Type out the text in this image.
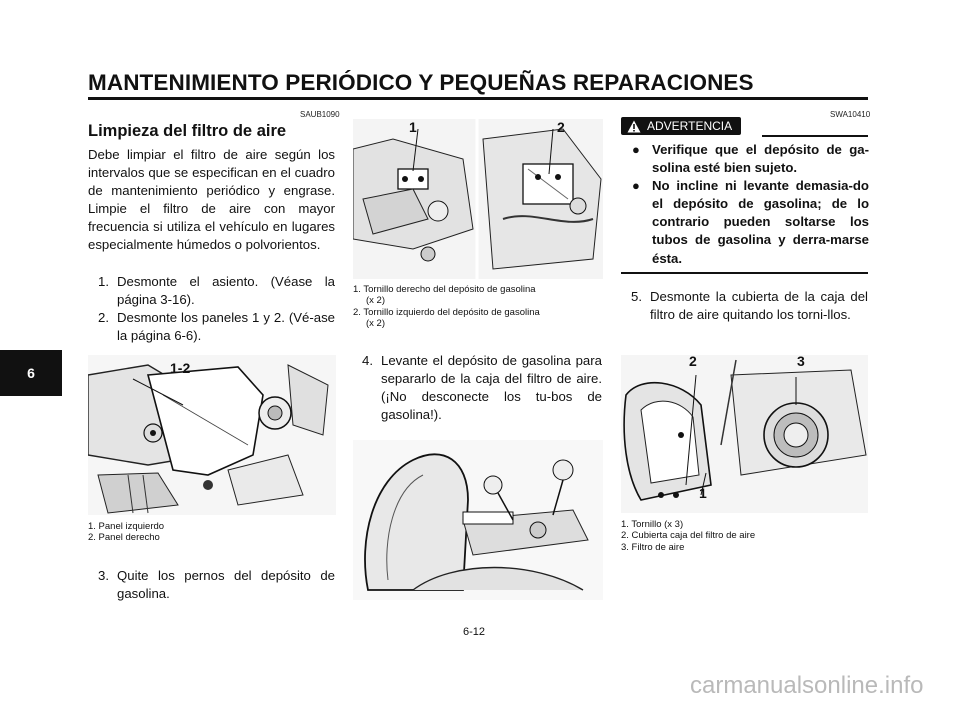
MANTENIMIENTO PERIÓDICO Y PEQUEÑAS REPARACIONES
6
SAUB1090
Limpieza del filtro de aire

Debe limpiar el filtro de aire según los intervalos que se especifican en el cuadro de mantenimiento periódico y engrase. Limpie el filtro de aire con mayor frecuencia si utiliza el vehículo en lugares especialmente húmedos o polvorientos.

1. Desmonte el asiento. (Véase la página 3-16).
2. Desmonte los paneles 1 y 2. (Vé-ase la página 6-6).
1-2
1. Panel izquierdo
2. Panel derecho
3. Quite los pernos del depósito de gasolina.
1	2
1. Tornillo derecho del depósito de gasolina
(x 2)
2. Tornillo izquierdo del depósito de gasolina
(x 2)
4. Levante el depósito de gasolina para separarlo de la caja del filtro de aire. (¡No desconecte los tu-bos de gasolina!).
SWA10410
ADVERTENCIA
● Verifique que el depósito de ga-solina esté bien sujeto.
● No incline ni levante demasia-do el depósito de gasolina; de lo contrario pueden soltarse los tubos de gasolina y derra-marse ésta.
5. Desmonte la cubierta de la caja del filtro de aire quitando los torni-llos.
2	3
1
1. Tornillo (x 3)
2. Cubierta caja del filtro de aire
3. Filtro de aire
6-12
carmanualsonline.info
